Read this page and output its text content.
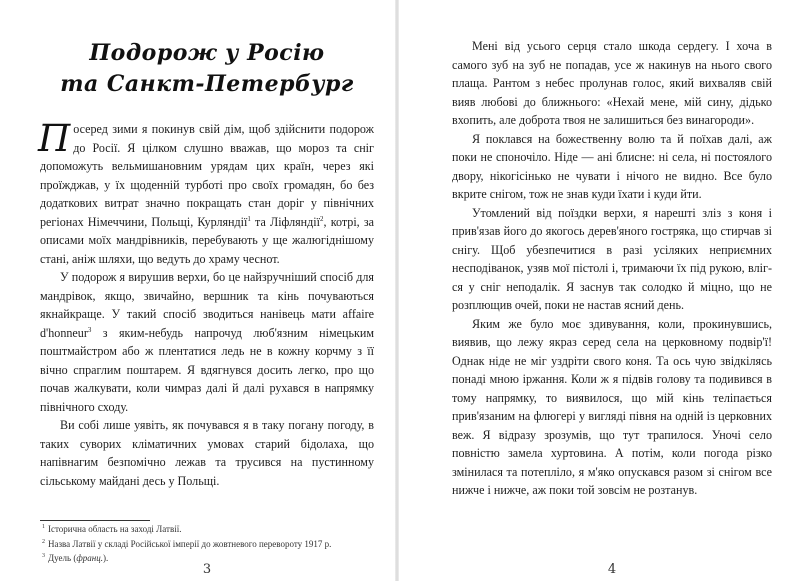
Подорож у Росію
та Санкт-Петербург

Посеред зими я покинув свій дім, щоб здійснити подорож до Росії. Я цілком слушно вважав, що мороз та сніг допоможуть вельмишановним урядам цих країн, через які проїжджав, у їх щоденній турботі про своїх громадян, бо без додаткових витрат значно покращать стан доріг у північних регіонах Німеччини, Польщі, Курляндії$^1$ та Ліфляндії$^2$, котрі, за описами моїх мандрівників, перебувають у ще жалюгіднішому стані, аніж шляхи, що ведуть до храму чеснот.

У подорож я вирушив верхи, бо це найзручніший спосіб для мандрівок, якщо, звичайно, вершник та кінь почуваються якнайкраще. У такий спосіб зводиться нанівець мати affaire d'honneur$^3$ з яким-небудь напрочуд люб'язним німецьким поштмайстром або ж плентатися ледь не в кожну корчму з її вічно спраглим поштарем. Я вдягнувся досить легко, про що почав жалкувати, коли чимраз далі й далі рухався в напрямку північного сходу.

Ви собі лише уявіть, як почувався я в таку погану погоду, в таких суворих кліматичних умовах старий бідолаха, що напівнагим безпомічно лежав та трусився на пустинному сільському майдані десь у Польщі.

$^1$ Історична область на заході Латвії.

$^2$ Назва Латвії у складі Російської імперії до жовтневого перевороту 1917 р.

$^3$ Дуель (франц.).

3

Мені від усього серця стало шкода сердегу. І хоча в самого зуб на зуб не попадав, усе ж накинув на нього свого плаща. Рантом з небес пролунав голос, який вихваляв свій вияв любові до ближнього: «Нехай мене, мій сину, дідько вхопить, але доброта твоя не залишиться без винагороди».

Я поклався на божественну волю та й поїхав далі, аж поки не споночіло. Ніде — ані блисне: ні села, ні постоялого двору, нікогісінько не чувати і нічого не видно. Все було вкрите снігом, тож не знав куди їхати і куди йти.

Утомлений від поїздки верхи, я нарешті зліз з коня і прив'язав його до якогось дерев'яного гостряка, що стирчав зі снігу. Щоб убезпечитися в разі усіляких неприємних несподіванок, узяв мої пістолі і, тримаючи їх під рукою, влігся у сніг неподалік. Я заснув так солодко й міцно, що не розплющив очей, поки не настав ясний день.

Яким же було моє здивування, коли, прокинувшись, виявив, що лежу якраз серед села на церковному подвір'ї! Однак ніде не міг уздріти свого коня. Та ось чую звідкілясь понаді мною іржання. Коли ж я підвів голову та подивився в тому напрямку, то виявилося, що мій кінь теліпається прив'язаним на флюгері у вигляді півня на одній із церковних веж. Я відразу зрозумів, що тут трапилося. Уночі село повністю замела хуртовина. А потім, коли погода різко змінилася та потепліло, я м'яко опускався разом зі снігом все нижче і нижче, аж поки той зовсім не розтанув.

4
